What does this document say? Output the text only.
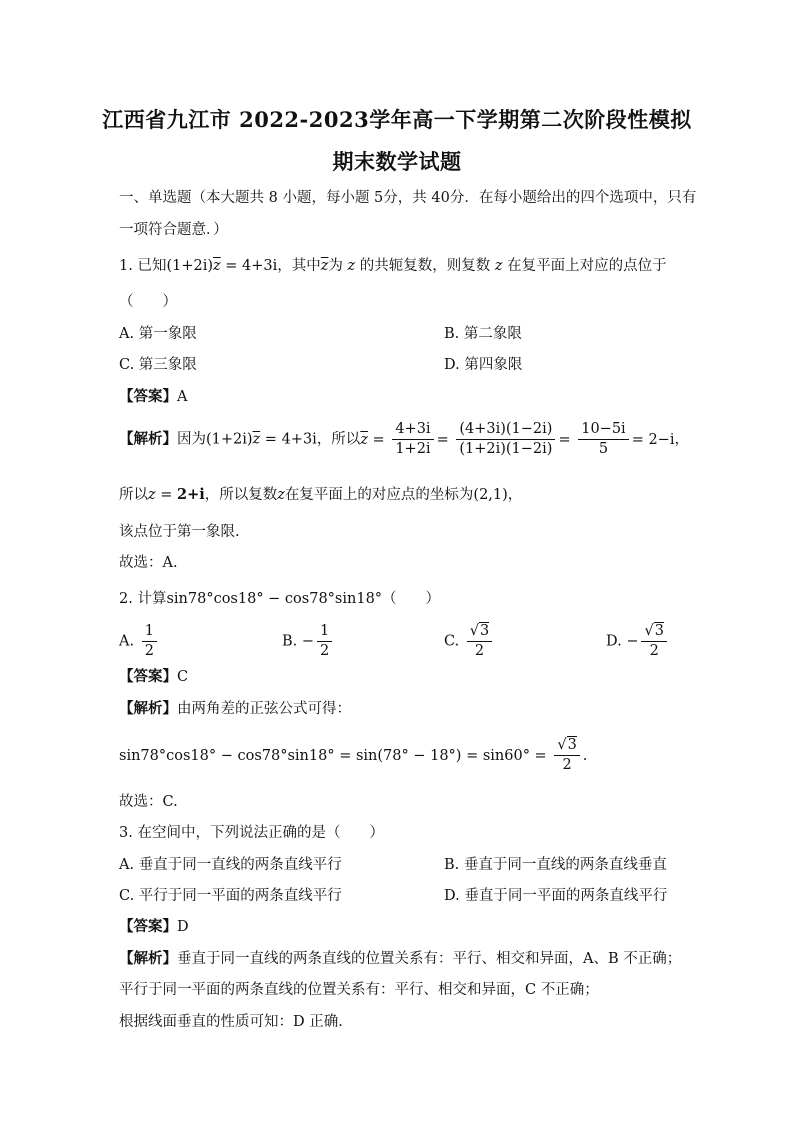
江西省九江市 2022-2023学年高一下学期第二次阶段性模拟
期末数学试题
一、单选题（本大题共 8 小题，每小题 5分，共 40分．在每小题给出的四个选项中，只有
一项符合题意．）
1. 已知$(1+2i)\overline{z} = 4+3i$，其中$\overline{z}$为 z 的共轭复数，则复数 z 在复平面上对应的点位于
（　　）
A. 第一象限	B. 第二象限
C. 第三象限	D. 第四象限
【答案】A
【解析】因为$(1+2i)\overline{z} = 4+3i$，所以$\overline{z} = \frac{4+3i}{1+2i} = \frac{(4+3i)(1-2i)}{(1+2i)(1-2i)} = \frac{10-5i}{5} = 2-i$，
所以z = 2+i，所以复数z在复平面上的对应点的坐标为(2,1)，
该点位于第一象限.
故选：A.
2. 计算sin78°cos18° − cos78°sin18°（　　）
A. $\frac{1}{2}$	B. − $\frac{1}{2}$	C. $\frac{√3}{2}$	D. − $\frac{√3}{2}$
【答案】C
【解析】由两角差的正弦公式可得：
$\sin 78^\circ\cos 18^\circ - \cos 78^\circ\sin 18^\circ = \sin(78^\circ - 18^\circ) = \sin 60^\circ = \frac{√3}{2}$ .
故选：C.
3. 在空间中，下列说法正确的是（　　）
A. 垂直于同一直线的两条直线平行	B. 垂直于同一直线的两条直线垂直
C. 平行于同一平面的两条直线平行	D. 垂直于同一平面的两条直线平行
【答案】D
【解析】垂直于同一直线的两条直线的位置关系有：平行、相交和异面，A、B 不正确；
平行于同一平面的两条直线的位置关系有：平行、相交和异面，C 不正确；
根据线面垂直的性质可知：D 正确.
